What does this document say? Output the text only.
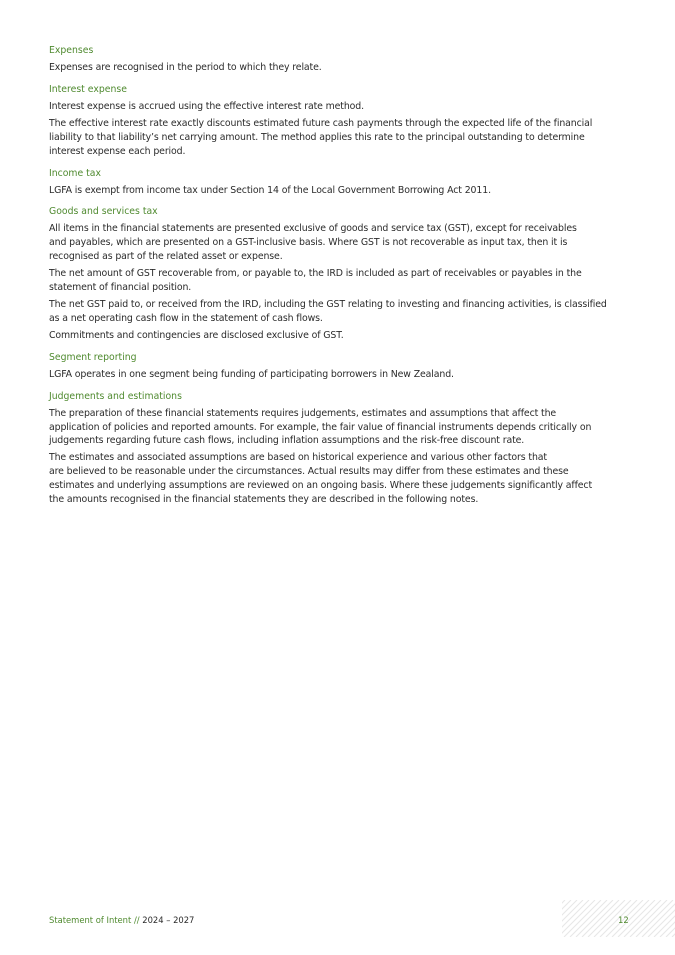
Expenses

Expenses are recognised in the period to which they relate.

Interest expense

Interest expense is accrued using the effective interest rate method.

The effective interest rate exactly discounts estimated future cash payments through the expected life of the financial
liability to that liability’s net carrying amount. The method applies this rate to the principal outstanding to determine
interest expense each period.

Income tax

LGFA is exempt from income tax under Section 14 of the Local Government Borrowing Act 2011.

Goods and services tax

All items in the financial statements are presented exclusive of goods and service tax (GST), except for receivables
and payables, which are presented on a GST-inclusive basis. Where GST is not recoverable as input tax, then it is
recognised as part of the related asset or expense.

The net amount of GST recoverable from, or payable to, the IRD is included as part of receivables or payables in the
statement of financial position.

The net GST paid to, or received from the IRD, including the GST relating to investing and financing activities, is classified
as a net operating cash flow in the statement of cash flows.

Commitments and contingencies are disclosed exclusive of GST.

Segment reporting

LGFA operates in one segment being funding of participating borrowers in New Zealand.

Judgements and estimations

The preparation of these financial statements requires judgements, estimates and assumptions that affect the
application of policies and reported amounts. For example, the fair value of financial instruments depends critically on
judgements regarding future cash flows, including inflation assumptions and the risk-free discount rate.

The estimates and associated assumptions are based on historical experience and various other factors that
are believed to be reasonable under the circumstances. Actual results may differ from these estimates and these
estimates and underlying assumptions are reviewed on an ongoing basis. Where these judgements significantly affect
the amounts recognised in the financial statements they are described in the following notes.

Statement of Intent // 2024 – 2027	12
